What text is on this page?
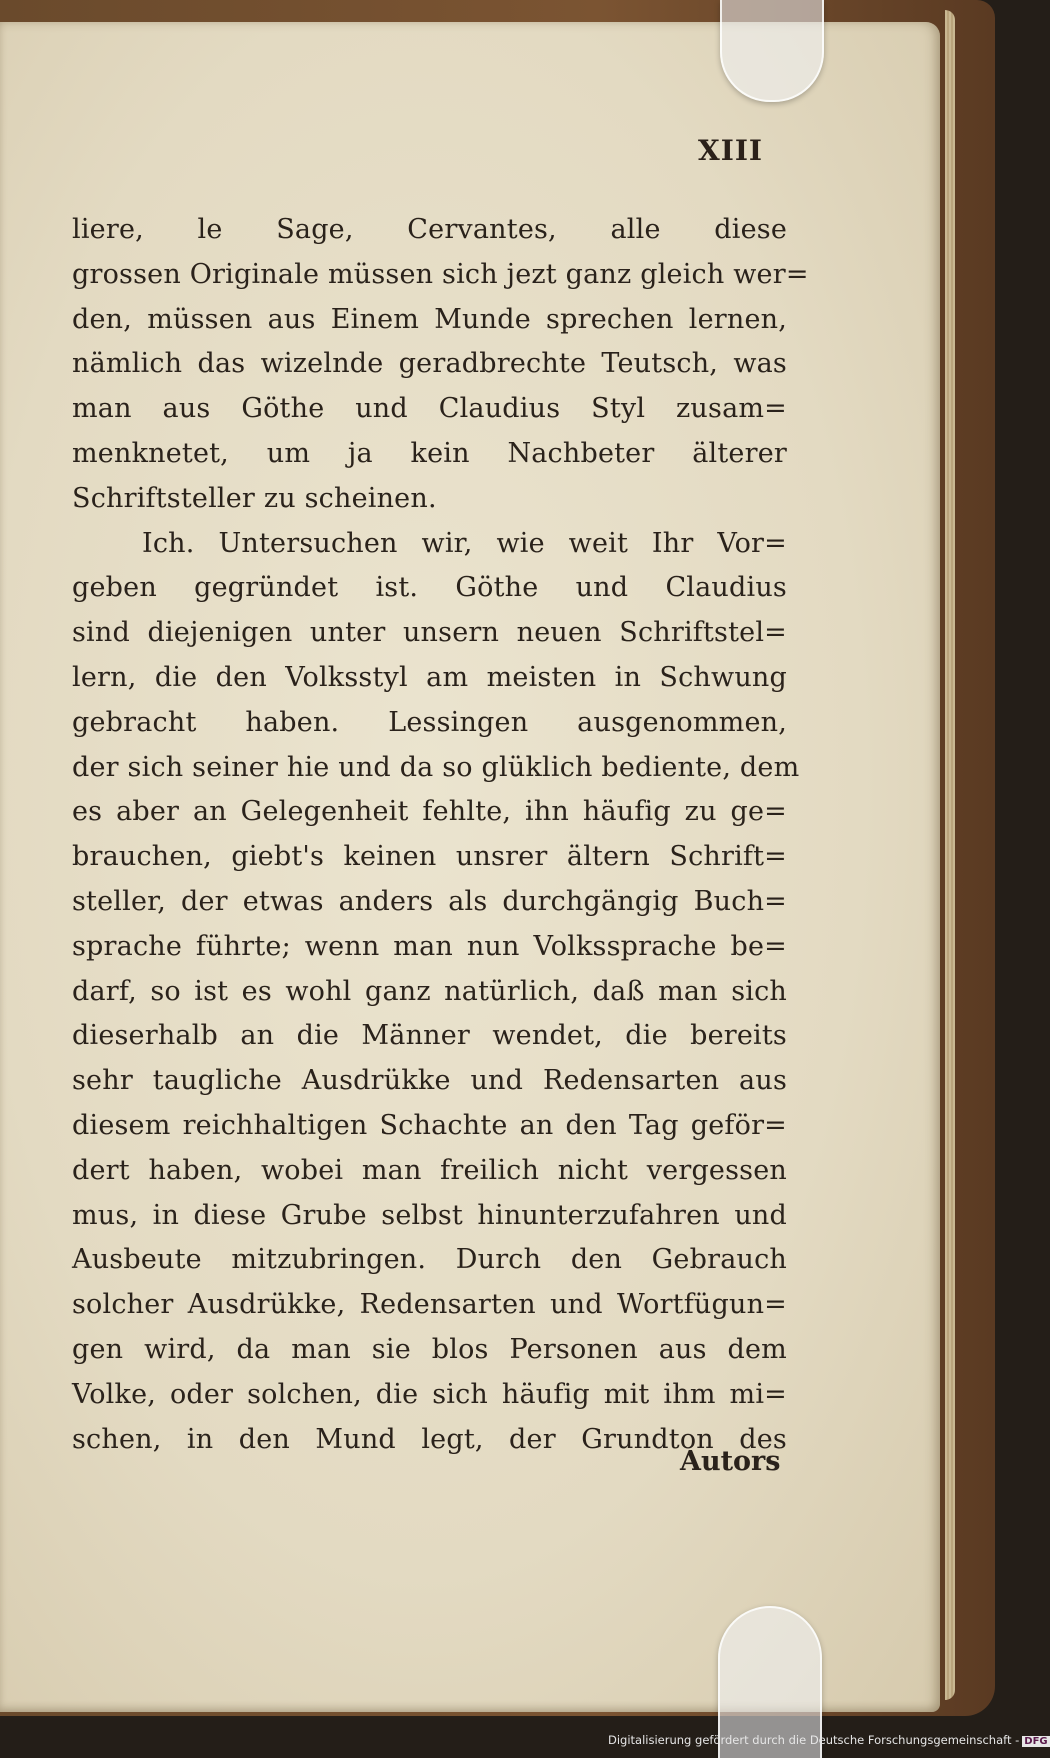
XIII
liere, le Sage, Cervantes, alle diese
grossen Originale müssen sich jezt ganz gleich wer=
den, müssen aus Einem Munde sprechen lernen,
nämlich das wizelnde geradbrechte Teutsch, was
man aus Göthe und Claudius Styl zusam=
menknetet, um ja kein Nachbeter älterer
Schriftsteller zu scheinen.
Ich. Untersuchen wir, wie weit Ihr Vor=
geben gegründet ist. Göthe und Claudius
sind diejenigen unter unsern neuen Schriftstel=
lern, die den Volksstyl am meisten in Schwung
gebracht haben. Lessingen ausgenommen,
der sich seiner hie und da so glüklich bediente, dem
es aber an Gelegenheit fehlte, ihn häufig zu ge=
brauchen, giebt's keinen unsrer ältern Schrift=
steller, der etwas anders als durchgängig Buch=
sprache führte; wenn man nun Volkssprache be=
darf, so ist es wohl ganz natürlich, daß man sich
dieserhalb an die Männer wendet, die bereits
sehr taugliche Ausdrükke und Redensarten aus
diesem reichhaltigen Schachte an den Tag geför=
dert haben, wobei man freilich nicht vergessen
mus, in diese Grube selbst hinunterzufahren und
Ausbeute mitzubringen. Durch den Gebrauch
solcher Ausdrükke, Redensarten und Wortfügun=
gen wird, da man sie blos Personen aus dem
Volke, oder solchen, die sich häufig mit ihm mi=
schen, in den Mund legt, der Grundton des
Autors
Digitalisierung gefördert durch die Deutsche Forschungsgemeinschaft - DFG
